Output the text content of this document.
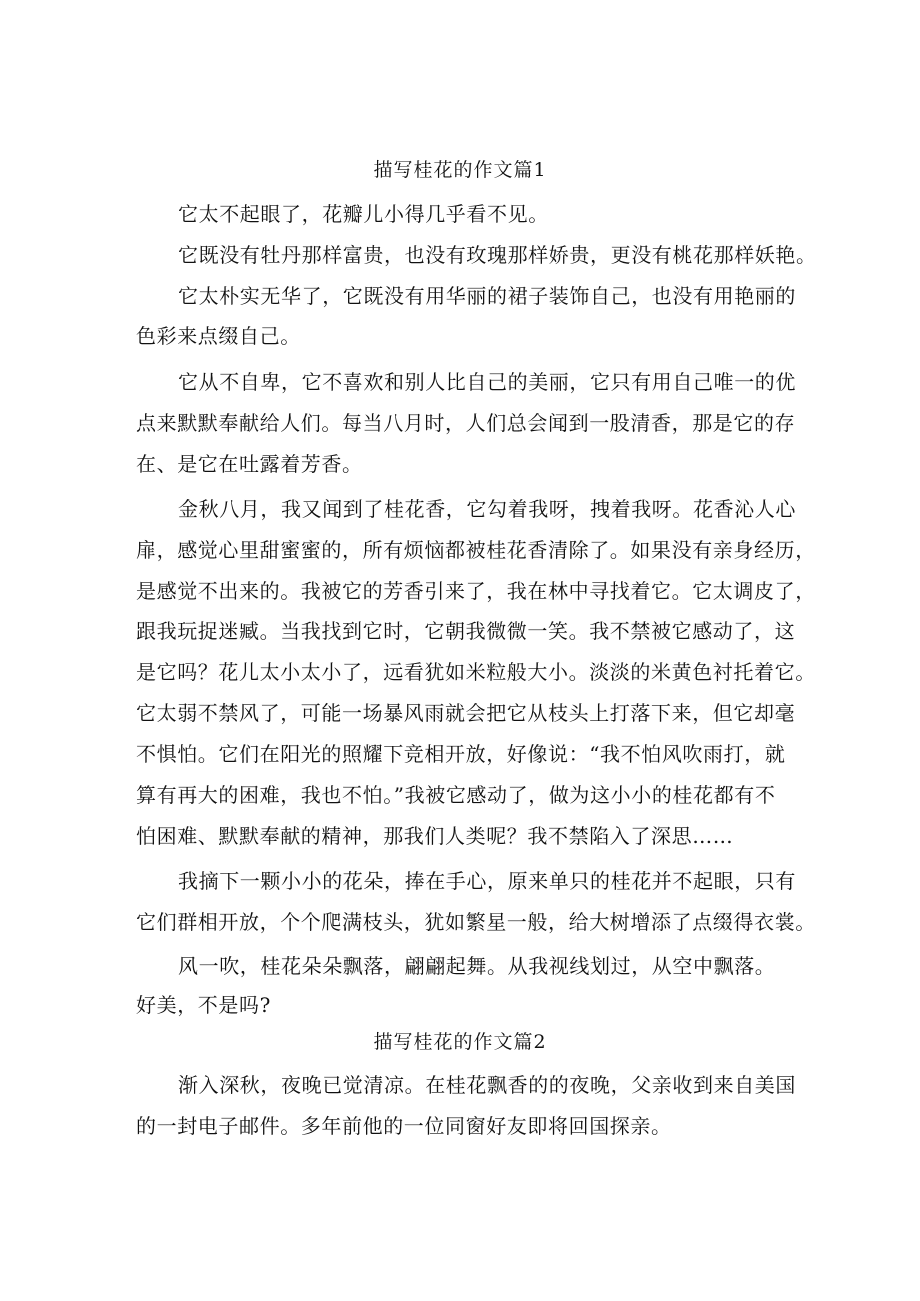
描写桂花的作文篇1
它太不起眼了，花瓣儿小得几乎看不见。
它既没有牡丹那样富贵，也没有玫瑰那样娇贵，更没有桃花那样妖艳。
它太朴实无华了，它既没有用华丽的裙子装饰自己，也没有用艳丽的
色彩来点缀自己。
它从不自卑，它不喜欢和别人比自己的美丽，它只有用自己唯一的优
点来默默奉献给人们。每当八月时，人们总会闻到一股清香，那是它的存
在、是它在吐露着芳香。
金秋八月，我又闻到了桂花香，它勾着我呀，拽着我呀。花香沁人心
扉，感觉心里甜蜜蜜的，所有烦恼都被桂花香清除了。如果没有亲身经历，
是感觉不出来的。我被它的芳香引来了，我在林中寻找着它。它太调皮了，
跟我玩捉迷臧。当我找到它时，它朝我微微一笑。我不禁被它感动了，这
是它吗？花儿太小太小了，远看犹如米粒般大小。淡淡的米黄色衬托着它。
它太弱不禁风了，可能一场暴风雨就会把它从枝头上打落下来，但它却毫
不惧怕。它们在阳光的照耀下竞相开放，好像说：“我不怕风吹雨打，就
算有再大的困难，我也不怕。”我被它感动了，做为这小小的桂花都有不
怕困难、默默奉献的精神，那我们人类呢？我不禁陷入了深思……
我摘下一颗小小的花朵，捧在手心，原来单只的桂花并不起眼，只有
它们群相开放，个个爬满枝头，犹如繁星一般，给大树增添了点缀得衣裳。
风一吹，桂花朵朵飘落，翩翩起舞。从我视线划过，从空中飘落。
好美，不是吗?
描写桂花的作文篇2
渐入深秋，夜晚已觉清凉。在桂花飘香的的夜晚，父亲收到来自美国
的一封电子邮件。多年前他的一位同窗好友即将回国探亲。
